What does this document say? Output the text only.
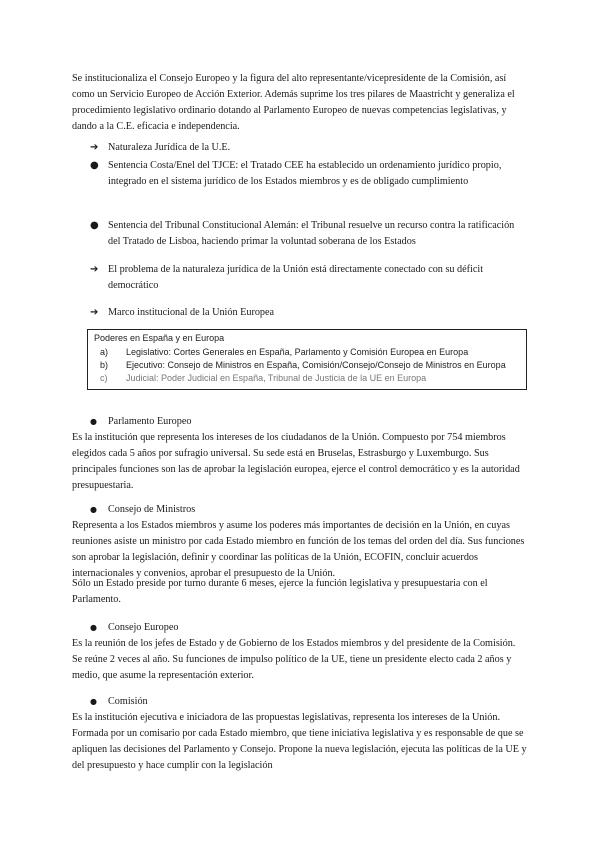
Se institucionaliza el Consejo Europeo y la figura del alto representante/vicepresidente de la Comisión, así como un Servicio Europeo de Acción Exterior. Además suprime los tres pilares de Maastricht y generaliza el procedimiento legislativo ordinario dotando al Parlamento Europeo de nuevas competencias legislativas, y dando a la C.E. eficacia e independencia.

➔ Naturaleza Jurídica de la U.E.
● Sentencia Costa/Enel del TJCE: el Tratado CEE ha establecido un ordenamiento jurídico propio, integrado en el sistema jurídico de los Estados miembros y es de obligado cumplimiento
● Sentencia del Tribunal Constitucional Alemán: el Tribunal resuelve un recurso contra la ratificación del Tratado de Lisboa, haciendo primar la voluntad soberana de los Estados
➔ El problema de la naturaleza jurídica de la Unión está directamente conectado con su déficit democrático
➔ Marco institucional de la Unión Europea
Poderes en España y en Europa
a) Legislativo: Cortes Generales en España, Parlamento y Comisión Europea en Europa
b) Ejecutivo: Consejo de Ministros en España, Comisión/Consejo/Consejo de Ministros en Europa
c) Judicial: Poder Judicial en España, Tribunal de Justicia de la UE en Europa
● Parlamento Europeo

Es la institución que representa los intereses de los ciudadanos de la Unión. Compuesto por 754 miembros elegidos cada 5 años por sufragio universal. Su sede está en Bruselas, Estrasburgo y Luxemburgo. Sus principales funciones son las de aprobar la legislación europea, ejerce el control democrático y es la autoridad presupuestaria.

● Consejo de Ministros

Representa a los Estados miembros y asume los poderes más importantes de decisión en la Unión, en cuyas reuniones asiste un ministro por cada Estado miembro en función de los temas del orden del día. Sus funciones son aprobar la legislación, definir y coordinar las políticas de la Unión, ECOFIN, concluir acuerdos internacionales y convenios, aprobar el presupuesto de la Unión.

Sólo un Estado preside por turno durante 6 meses, ejerce la función legislativa y presupuestaria con el Parlamento.

● Consejo Europeo

Es la reunión de los jefes de Estado y de Gobierno de los Estados miembros y del presidente de la Comisión. Se reúne 2 veces al año. Su funciones de impulso político de la UE, tiene un presidente electo cada 2 años y medio, que asume la representación exterior.

● Comisión

Es la institución ejecutiva e iniciadora de las propuestas legislativas, representa los intereses de la Unión. Formada por un comisario por cada Estado miembro, que tiene iniciativa legislativa y es responsable de que se apliquen las decisiones del Parlamento y Consejo. Propone la nueva legislación, ejecuta las políticas de la UE y del presupuesto y hace cumplir con la legislación
